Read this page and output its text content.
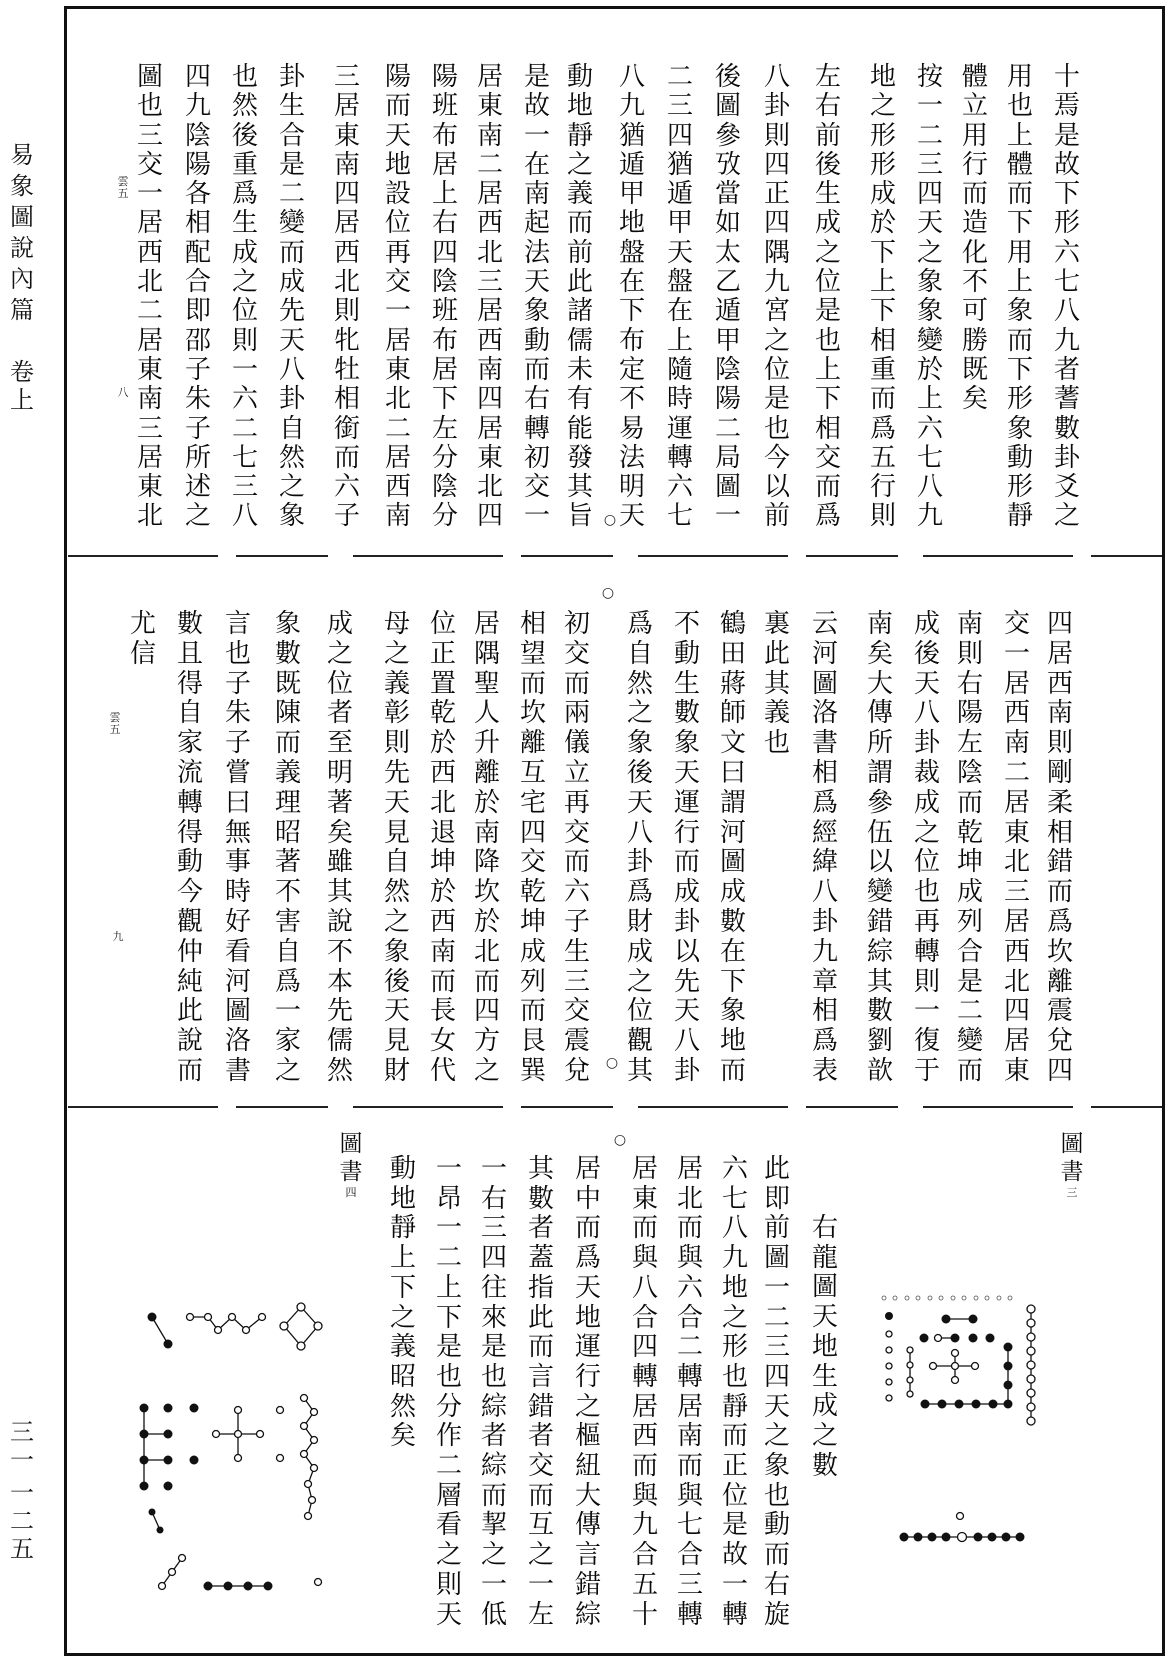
易象圖說內篇
卷上
三一
一二五
十焉是故下形六七八九者蓍數卦爻之
用也上體而下用上象而下形象動形靜
體立用行而造化不可勝既矣
按一二三四天之象象變於上六七八九
地之形形成於下上下相重而爲五行則
左右前後生成之位是也上下相交而爲
八卦則四正四隅九宮之位是也今以前
後圖參攷當如太乙遁甲陰陽二局圖一
二三四猶遁甲天盤在上隨時運轉六七
八九猶遁甲地盤在下布定不易法明天
○
動地靜之義而前此諸儒未有能發其旨
是故一在南起法天象動而右轉初交一
居東南二居西北三居西南四居東北四
陽班布居上右四陰班布居下左分陰分
陽而天地設位再交一居東北二居西南
三居東南四居西北則牝牡相銜而六子
卦生合是二變而成先天八卦自然之象
也然後重爲生成之位則一六二七三八
四九陰陽各相配合即邵子朱子所述之
圖也三交一居西北二居東南三居東北
雲五
八
四居西南則剛柔相錯而爲坎離震兌四
交一居西南二居東北三居西北四居東
南則右陽左陰而乾坤成列合是二變而
成後天八卦裁成之位也再轉則一復于
南矣大傳所謂參伍以變錯綜其數劉歆
云河圖洛書相爲經緯八卦九章相爲表
裏此其義也
鶴田蔣師文曰謂河圖成數在下象地而
不動生數象天運行而成卦以先天八卦
爲自然之象後天八卦爲財成之位觀其
○
○
初交而兩儀立再交而六子生三交震兌
相望而坎離互宅四交乾坤成列而艮巽
居隅聖人升離於南降坎於北而四方之
位正置乾於西北退坤於西南而長女代
母之義彰則先天見自然之象後天見財
成之位者至明著矣雖其說不本先儒然
象數既陳而義理昭著不害自爲一家之
言也子朱子嘗曰無事時好看河圖洛書
數且得自家流轉得動今觀仲純此說而
尤信
雲五
九
圖書
三
右龍圖天地生成之數
此即前圖一二三四天之象也動而右旋
六七八九地之形也靜而正位是故一轉
居北而與六合二轉居南而與七合三轉
居東而與八合四轉居西而與九合五十
○
居中而爲天地運行之樞紐大傳言錯綜
其數者蓋指此而言錯者交而互之一左
一右三四往來是也綜者綜而挈之一低
一昂一二上下是也分作二層看之則天
動地靜上下之義昭然矣
圖書
四
